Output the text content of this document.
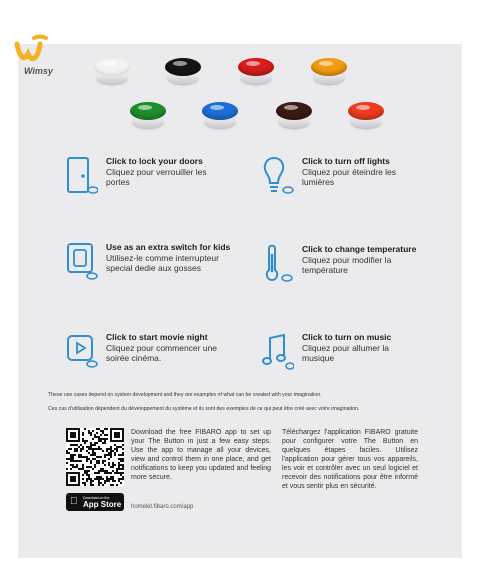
Wimsy
Click to lock your doors
Cliquez pour verrouiller les portes
Click to turn off lights
Cliquez pour éteindre les lumières
Use as an extra switch for kids
Utilisez-le comme interrupteur special dedie aux gosses
Click to change temperature
Cliquez pour modifier la température
Click to start movie night
Cliquez pour commencer une soirée cinéma.
Click to turn on music
Cliquez pour allumer la musique
These use cases depend on system development and they are examples of what can be created with your imagination.
Ces cas d'utilisation dépendent du développement du système et ils sont des exemples de ce qui peut être créé avec votre imagination.
Download on the
App Store
Download the free FIBARO app to set up your The Button in just a few easy steps. Use the app to manage all your devices, view and control them in one place, and get notifications to keep you updated and feeling more secure.
Téléchargez l'application FIBARO gratuite pour configurer votre The Button en quelques étapes faciles. Utilisez l'application pour gérer tous vos appareils, les voir et contrôler avec un seul logiciel et recevoir des notifications pour être informé et vous sentir plus en sécurité.
homekit.fibaro.com/app
